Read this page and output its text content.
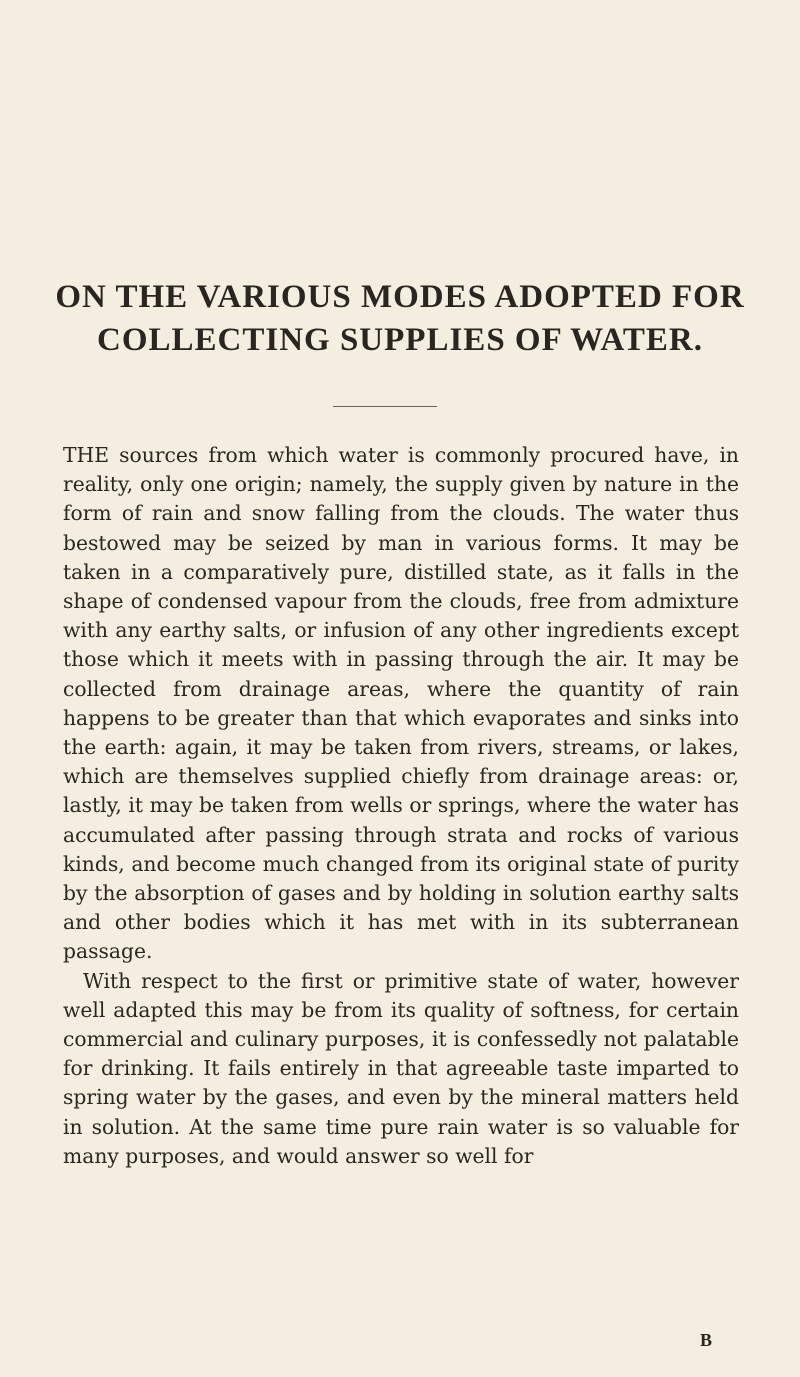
ON THE VARIOUS MODES ADOPTED FOR
COLLECTING SUPPLIES OF WATER.

THE sources from which water is commonly procured have, in reality, only one origin; namely, the supply given by nature in the form of rain and snow falling from the clouds. The water thus bestowed may be seized by man in various forms. It may be taken in a comparatively pure, distilled state, as it falls in the shape of condensed vapour from the clouds, free from admixture with any earthy salts, or infusion of any other ingredients except those which it meets with in passing through the air. It may be collected from drainage areas, where the quantity of rain happens to be greater than that which evaporates and sinks into the earth: again, it may be taken from rivers, streams, or lakes, which are themselves supplied chiefly from drainage areas: or, lastly, it may be taken from wells or springs, where the water has accumulated after passing through strata and rocks of various kinds, and become much changed from its original state of purity by the absorption of gases and by holding in solution earthy salts and other bodies which it has met with in its subterranean passage.

With respect to the first or primitive state of water, however well adapted this may be from its quality of softness, for certain commercial and culinary purposes, it is confessedly not palatable for drinking. It fails entirely in that agreeable taste imparted to spring water by the gases, and even by the mineral matters held in solution. At the same time pure rain water is so valuable for many purposes, and would answer so well for

B
